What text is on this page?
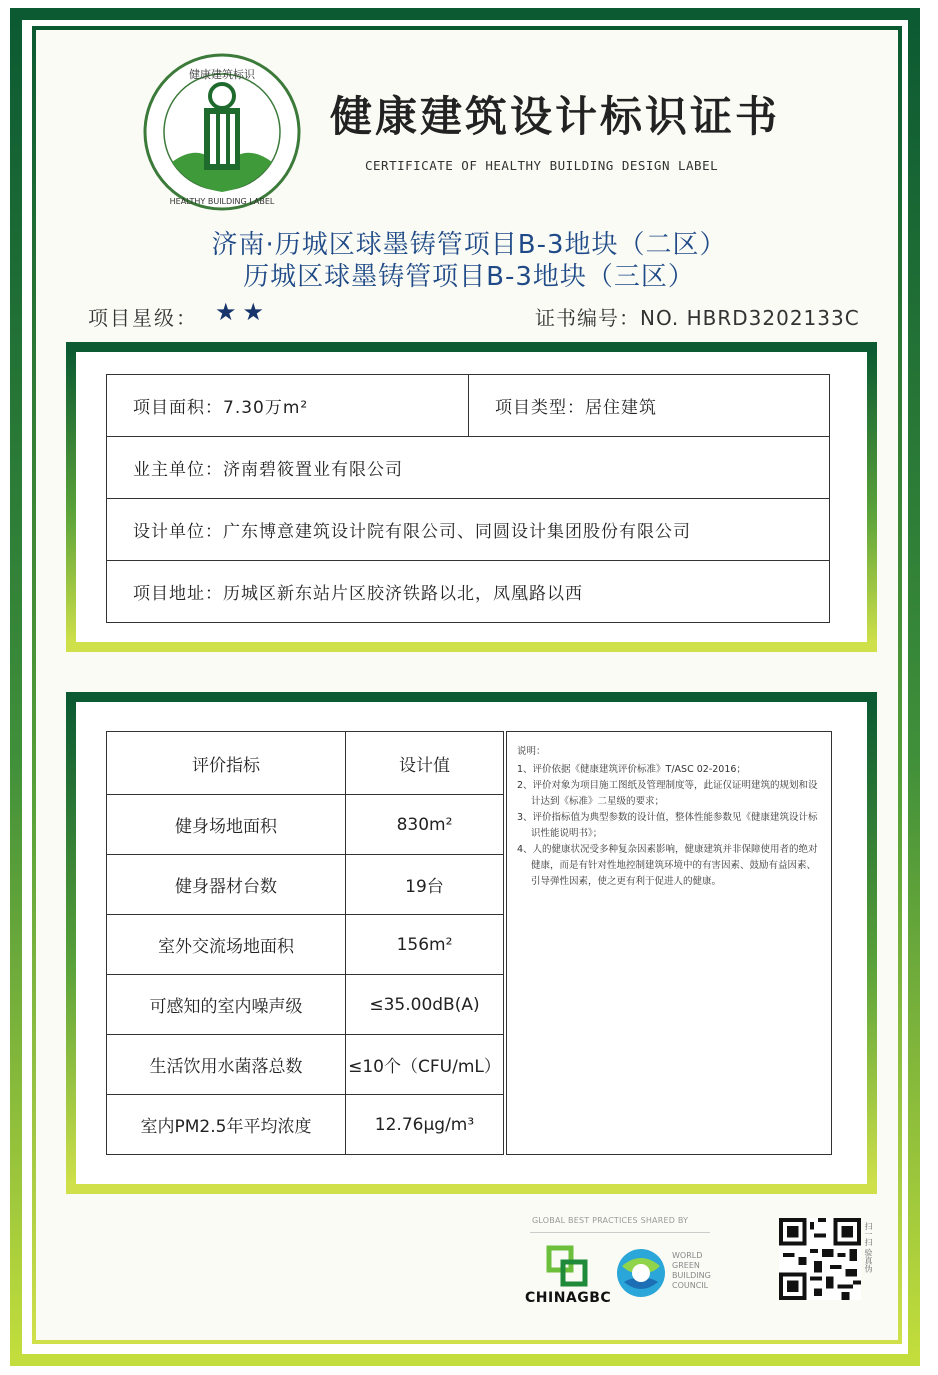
健康建筑标识
HEALTHY BUILDING LABEL
健康建筑设计标识证书
CERTIFICATE OF HEALTHY BUILDING DESIGN LABEL
济南·历城区球墨铸管项目B-3地块（二区）
历城区球墨铸管项目B-3地块（三区）
项目星级： ★★	证书编号：NO. HBRD3202133C
项目面积：7.30万m²	项目类型：居住建筑
业主单位：济南碧筱置业有限公司
设计单位：广东博意建筑设计院有限公司、同圆设计集团股份有限公司
项目地址：历城区新东站片区胶济铁路以北，凤凰路以西
评价指标	设计值
健身场地面积	830m²
健身器材台数	19台
室外交流场地面积	156m²
可感知的室内噪声级	≤35.00dB(A)
生活饮用水菌落总数	≤10个（CFU/mL）
室内PM2.5年平均浓度	12.76μg/m³
说明：
1、评价依据《健康建筑评价标准》T/ASC 02-2016；
2、评价对象为项目施工图纸及管理制度等，此证仅证明建筑的规划和设计达到《标准》二星级的要求；
3、评价指标值为典型参数的设计值，整体性能参数见《健康建筑设计标识性能说明书》；
4、人的健康状况受多种复杂因素影响，健康建筑并非保障使用者的绝对健康，而是有针对性地控制建筑环境中的有害因素、鼓励有益因素、引导弹性因素，使之更有利于促进人的健康。
GLOBAL BEST PRACTICES SHARED BY
CHINAGBC
WORLD
GREEN
BUILDING
COUNCIL
扫一扫 验真伪
